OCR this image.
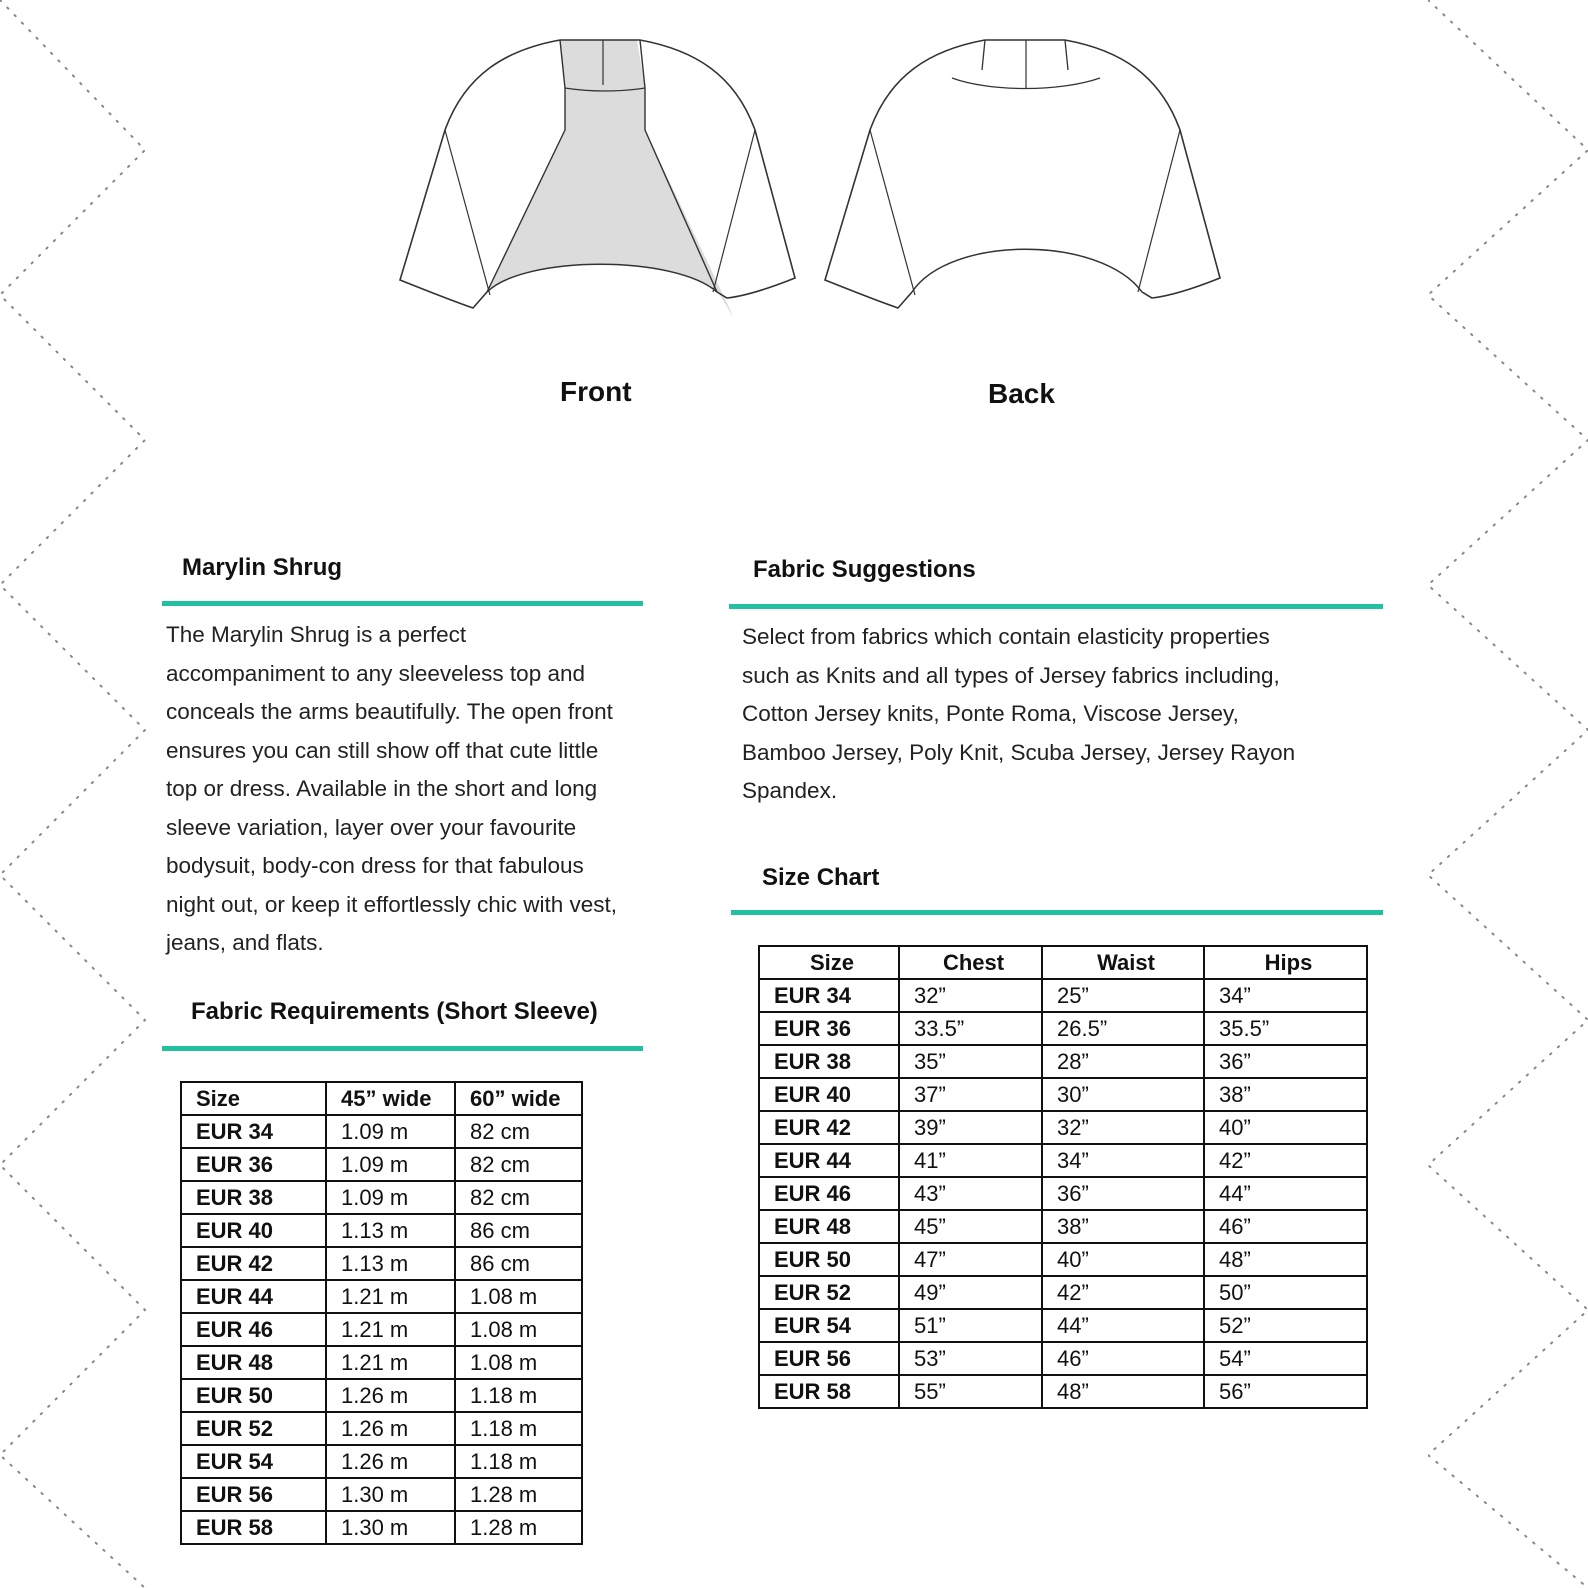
Front	Back
Marylin Shrug
The Marylin Shrug is a perfect
accompaniment to any sleeveless top and
conceals the arms beautifully. The open front
ensures you can still show off that cute little
top or dress. Available in the short and long
sleeve variation, layer over your favourite
bodysuit, body-con dress for that fabulous
night out, or keep it effortlessly chic with vest,
jeans, and flats.
Fabric Suggestions
Select from fabrics which contain elasticity properties
such as Knits and all types of Jersey fabrics including,
Cotton Jersey knits, Ponte Roma, Viscose Jersey,
Bamboo Jersey, Poly Knit, Scuba Jersey, Jersey Rayon
Spandex.
Fabric Requirements (Short Sleeve)
Size	45” wide	60” wide
EUR 34	1.09 m	82 cm
EUR 36	1.09 m	82 cm
EUR 38	1.09 m	82 cm
EUR 40	1.13 m	86 cm
EUR 42	1.13 m	86 cm
EUR 44	1.21 m	1.08 m
EUR 46	1.21 m	1.08 m
EUR 48	1.21 m	1.08 m
EUR 50	1.26 m	1.18 m
EUR 52	1.26 m	1.18 m
EUR 54	1.26 m	1.18 m
EUR 56	1.30 m	1.28 m
EUR 58	1.30 m	1.28 m
Size Chart
Size	Chest	Waist	Hips
EUR 34	32”	25”	34”
EUR 36	33.5”	26.5”	35.5”
EUR 38	35”	28”	36”
EUR 40	37”	30”	38”
EUR 42	39”	32”	40”
EUR 44	41”	34”	42”
EUR 46	43”	36”	44”
EUR 48	45”	38”	46”
EUR 50	47”	40”	48”
EUR 52	49”	42”	50”
EUR 54	51”	44”	52”
EUR 56	53”	46”	54”
EUR 58	55”	48”	56”
